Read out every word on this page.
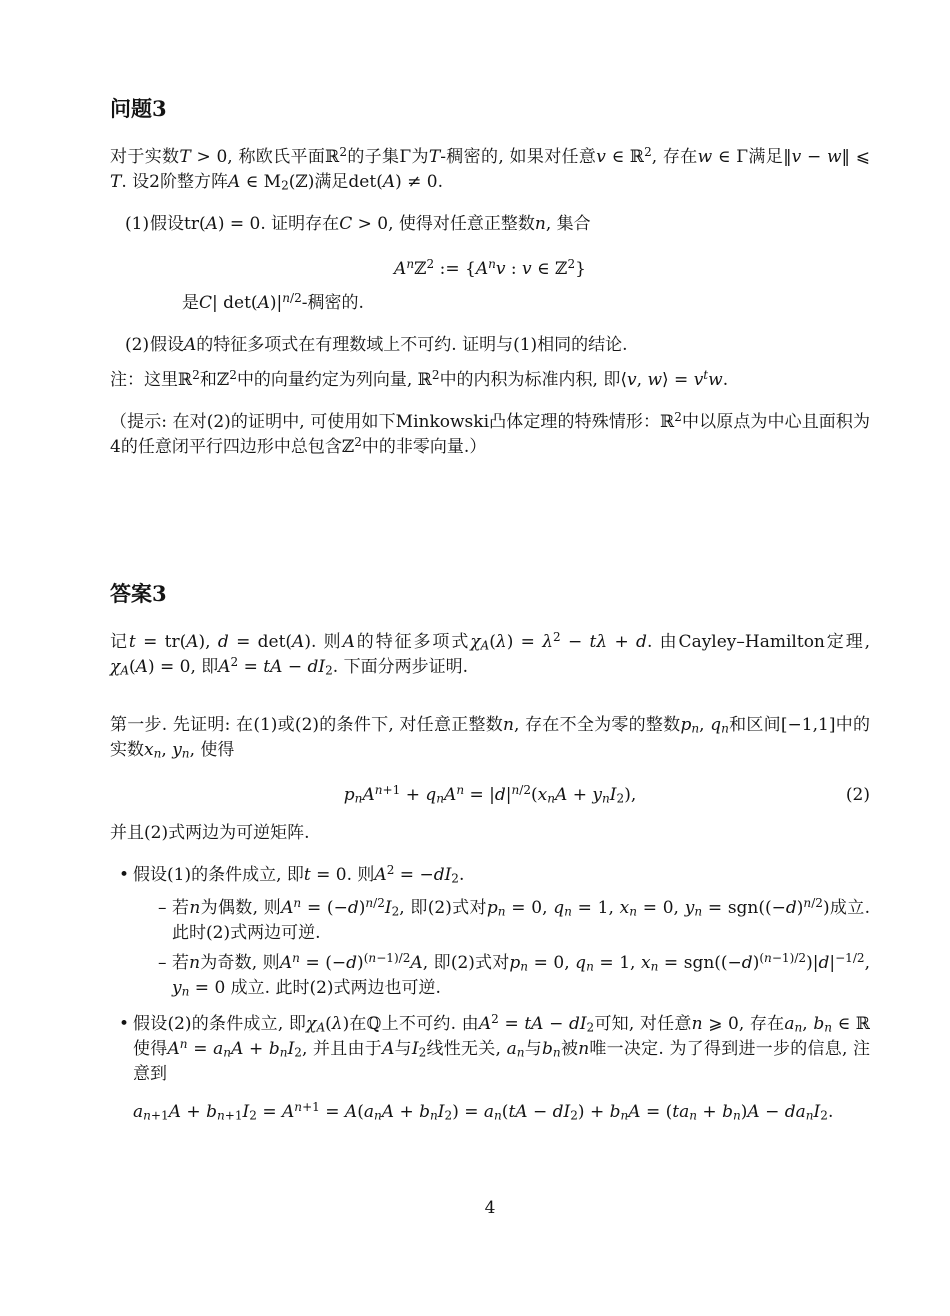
问题3

对于实数T > 0, 称欧氏平面ℝ$^2$的子集Γ为T-稠密的, 如果对任意v ∈ ℝ$^2$, 存在w ∈ Γ满足‖v − w‖ ⩽ T. 设2阶整方阵A ∈ M2(ℤ)满足det(A) ≠ 0.

(1) 假设tr(A) = 0. 证明存在C > 0, 使得对任意正整数n, 集合
$A^nℤ^2$ := {$A^nv$ : v ∈ ℤ$^2$}

是C| $\det(A)|^{n/2}-$稠密的.

(2) 假设A的特征多项式在有理数域上不可约. 证明与(1)相同的结论.

注：这里ℝ$^2$和ℤ$^2$中的向量约定为列向量, ℝ$^2$中的内积为标准内积, 即⟨v, w⟩ = $v^tw$.

（提示: 在对(2)的证明中, 可使用如下Minkowski凸体定理的特殊情形：ℝ$^2$中以原点为中心且面积为4的任意闭平行四边形中总包含ℤ$^2$中的非零向量.）

答案3

记t = tr(A), d = det(A). 则A的特征多项式$\chi A(\lambda) = \lambda^2 - t\lambda + d$. 由Cayley–Hamilton定理, χA(A) = 0, 即$A^2$ = tA − dI2. 下面分两步证明.

第一步. 先证明: 在(1)或(2)的条件下, 对任意正整数n, 存在不全为零的整数pn, qn和区间[−1,1]中的实数xn, yn, 使得

$pnA^{n+1} + qnA^n = |d|^{n/2}(xnA + ynI2)$,	(2)

并且(2)式两边为可逆矩阵.

• 假设(1)的条件成立, 即t = 0. 则$A^2 = -dI2$.
– 若n为偶数, 则$A^n = (-d)^{n/2}I2$, 即(2)式对pn = 0, qn = 1, xn = 0, yn = $sgn((-d)^{n/2})$成立. 此时(2)式两边可逆.
– 若n为奇数, 则$A^n = (-d)^{(n-1)/2}A$, 即(2)式对pn = 0, qn = 1, xn = $sgn((-d)^{(n-1)/2})|d|^{-1/2}$, yn = 0 成立. 此时(2)式两边也可逆.
• 假设(2)的条件成立, 即χA(λ)在ℚ上不可约. 由$A^2$ = tA − dI2可知, 对任意n ⩾ 0, 存在an, bn ∈ ℝ使得$A^n$ = anA + bnI2, 并且由于A与I2线性无关, an与bn被n唯一决定. 为了得到进一步的信息, 注意到
$an+1A + bn+1I2 = A^{n+1} = A(anA + bnI2) = an(tA - dI2)$ + bnA = (tan + bn)A − danI2.
4
